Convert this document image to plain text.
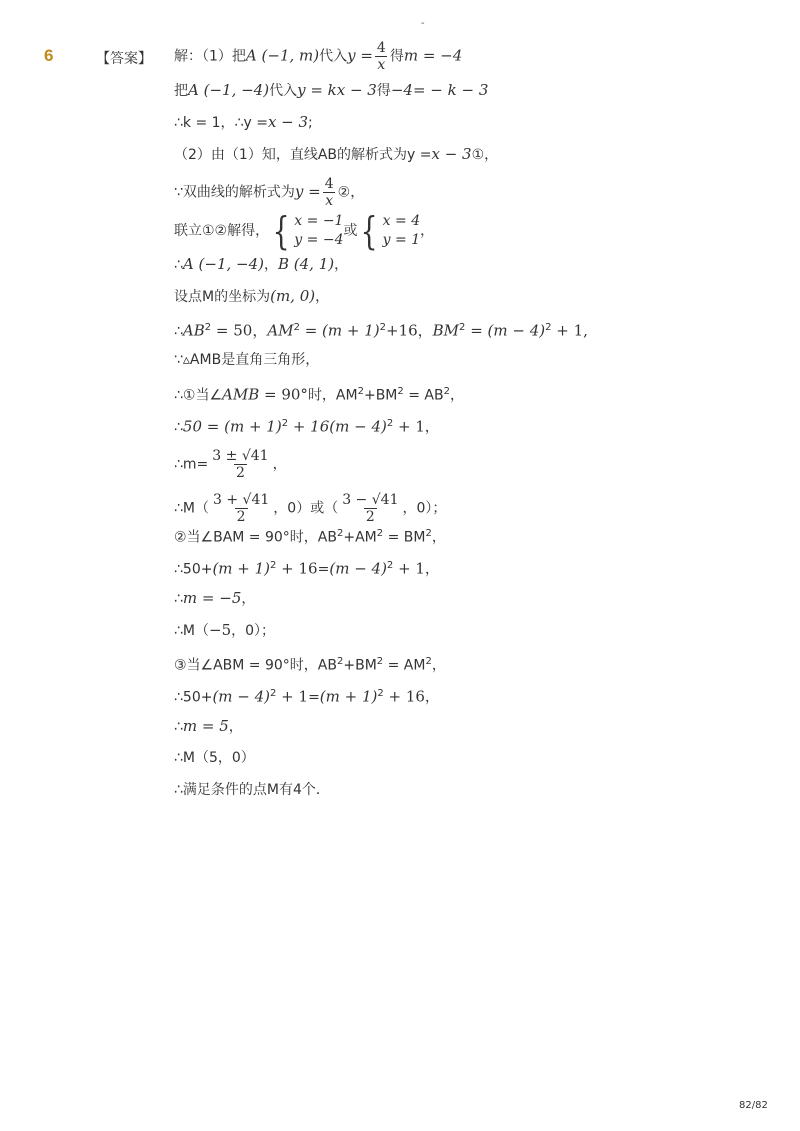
-
6	【答案】 解：（1）把A (−1, m)代入$y = \frac{4}{x}$ 得m = −4
把A (−1, −4)代入y = kx − 3得−4= − k − 3
∴k = 1，∴y =x − 3;
（2）由（1）知，直线AB的解析式为y =x − 3①，
∵双曲线的解析式为$y = \frac{4}{x}$ ②，
联立①②解得， { x = −1
y = −4
或 { x = 4
y = 1
，
∴A (−1, −4)，B (4, 1)，
设点M的坐标为(m, 0)，
$\therefore AB^2 = 50$，$AM^2 = (m + 1)^2+16$，$BM^2 = (m - 4)^2 + 1$,
∵▵AMB是直角三角形，
∴①当∠AMB = 90°时，$AM^2+BM^2 = AB^2$，
∴50 = $(m + 1)^2 + 16(m - 4)^2 + 1$，
∴m= $\frac{3 \pm √41}{2}$ ，
∴M（ $\frac{3 + √41}{2}$ ，0）或（ $\frac{3 - √41}{2}$ ，0）；
②当∠BAM = 90°时，$AB^2+AM^2 = BM^2$，
∴50+(m + $1)^2 + 16=(m - 4)^2 + 1$，
∴m = −5，
∴M（−5，0）；
③当∠ABM = 90°时，$AB^2+BM^2 = AM^2$，
∴50+(m − $4)^2 + 1=(m + 1)^2 + 16$，
∴m = 5，
∴M（5，0）
∴满足条件的点M有4个．
82/82
